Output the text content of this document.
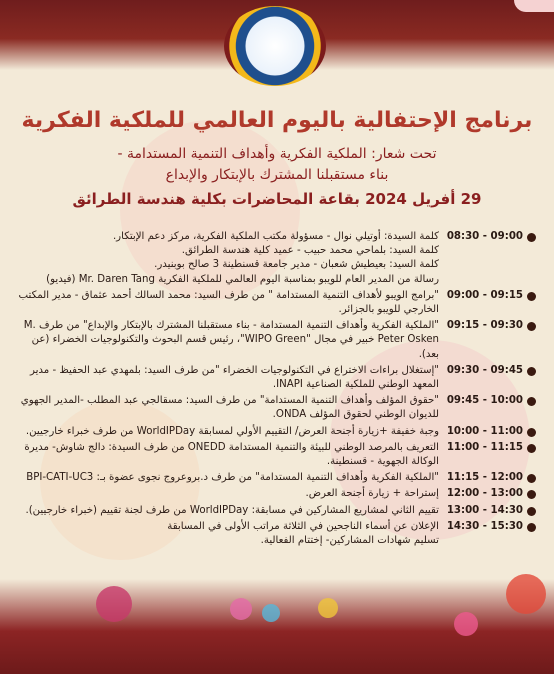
برنامج الإحتفالية باليوم العالمي للملكية الفكرية
تحت شعار: الملكية الفكرية وأهداف التنمية المستدامة -
بناء مستقبلنا المشترك بالإبتكار والإبداع
29 أفريل 2024 بقاعة المحاضرات بكلية هندسة الطرائق
08:30 - 09:00

كلمة السيدة: أوتيلي نوال - مسؤولة مكتب الملكية الفكرية، مركز دعم الإبتكار.

كلمة السيد: بلماحي محمد حبيب - عميد كلية هندسة الطرائق.

كلمة السيد: بعيطيش شعبان - مدير جامعة قسنطينة 3 صالح بوبنيدر.

رسالة من المدير العام للويبو بمناسبة اليوم العالمي للملكية الفكرية Mr. Daren Tang (فيديو)

09:00 - 09:15

"برامج الويبو لأهداف التنمية المستدامة " من طرف السيد: محمد السالك أحمد عثماق - مدير المكتب الخارجي للويبو بالجزائر.

09:15 - 09:30

"الملكية الفكرية وأهداف التنمية المستدامة - بناء مستقبلنا المشترك بالإبتكار والإبداع" من طرف M. Peter Osken خبير في مجال "WIPO Green"، رئيس قسم البحوث والتكنولوجيات الخضراء (عن بعد).

09:30 - 09:45

"إستغلال براءات الاختراع في التكنولوجيات الخضراء "من طرف السيد: بلمهدي عبد الحفيظ - مدير المعهد الوطني للملكية الصناعية INAPI.

09:45 - 10:00

"حقوق المؤلف وأهداف التنمية المستدامة" من طرف السيد: مسقالجي عبد المطلب -المدير الجهوي للديوان الوطني لحقوق المؤلف ONDA.

10:00 - 11:00

وجبة خفيفة +زيارة أجنحة العرض/ التقييم الأولي لمسابقة WorldIPDay من طرف خبراء خارجيين.

11:00 - 11:15

التعريف بالمرصد الوطني للبيئة والتنمية المستدامة ONEDD من طرف السيدة: دالج شاوش- مديرة الوكالة الجهوية - قسنطينة.

11:15 - 12:00

"الملكية الفكرية وأهداف التنمية المستدامة" من طرف د.بروعروج نجوى عضوة بـ: BPI-CATI-UC3

12:00 - 13:00

إستراحة + زيارة أجنحة العرض.

13:00 - 14:30

تقييم الثاني لمشاريع المشاركين في مسابقة: WorldIPDay من طرف لجنة تقييم (خبراء خارجيين).

14:30 - 15:30

الإعلان عن أسماء الناجحين في الثلاثة مراتب الأولى في المسابقة

تسليم شهادات المشاركين- إختتام الفعالية.
